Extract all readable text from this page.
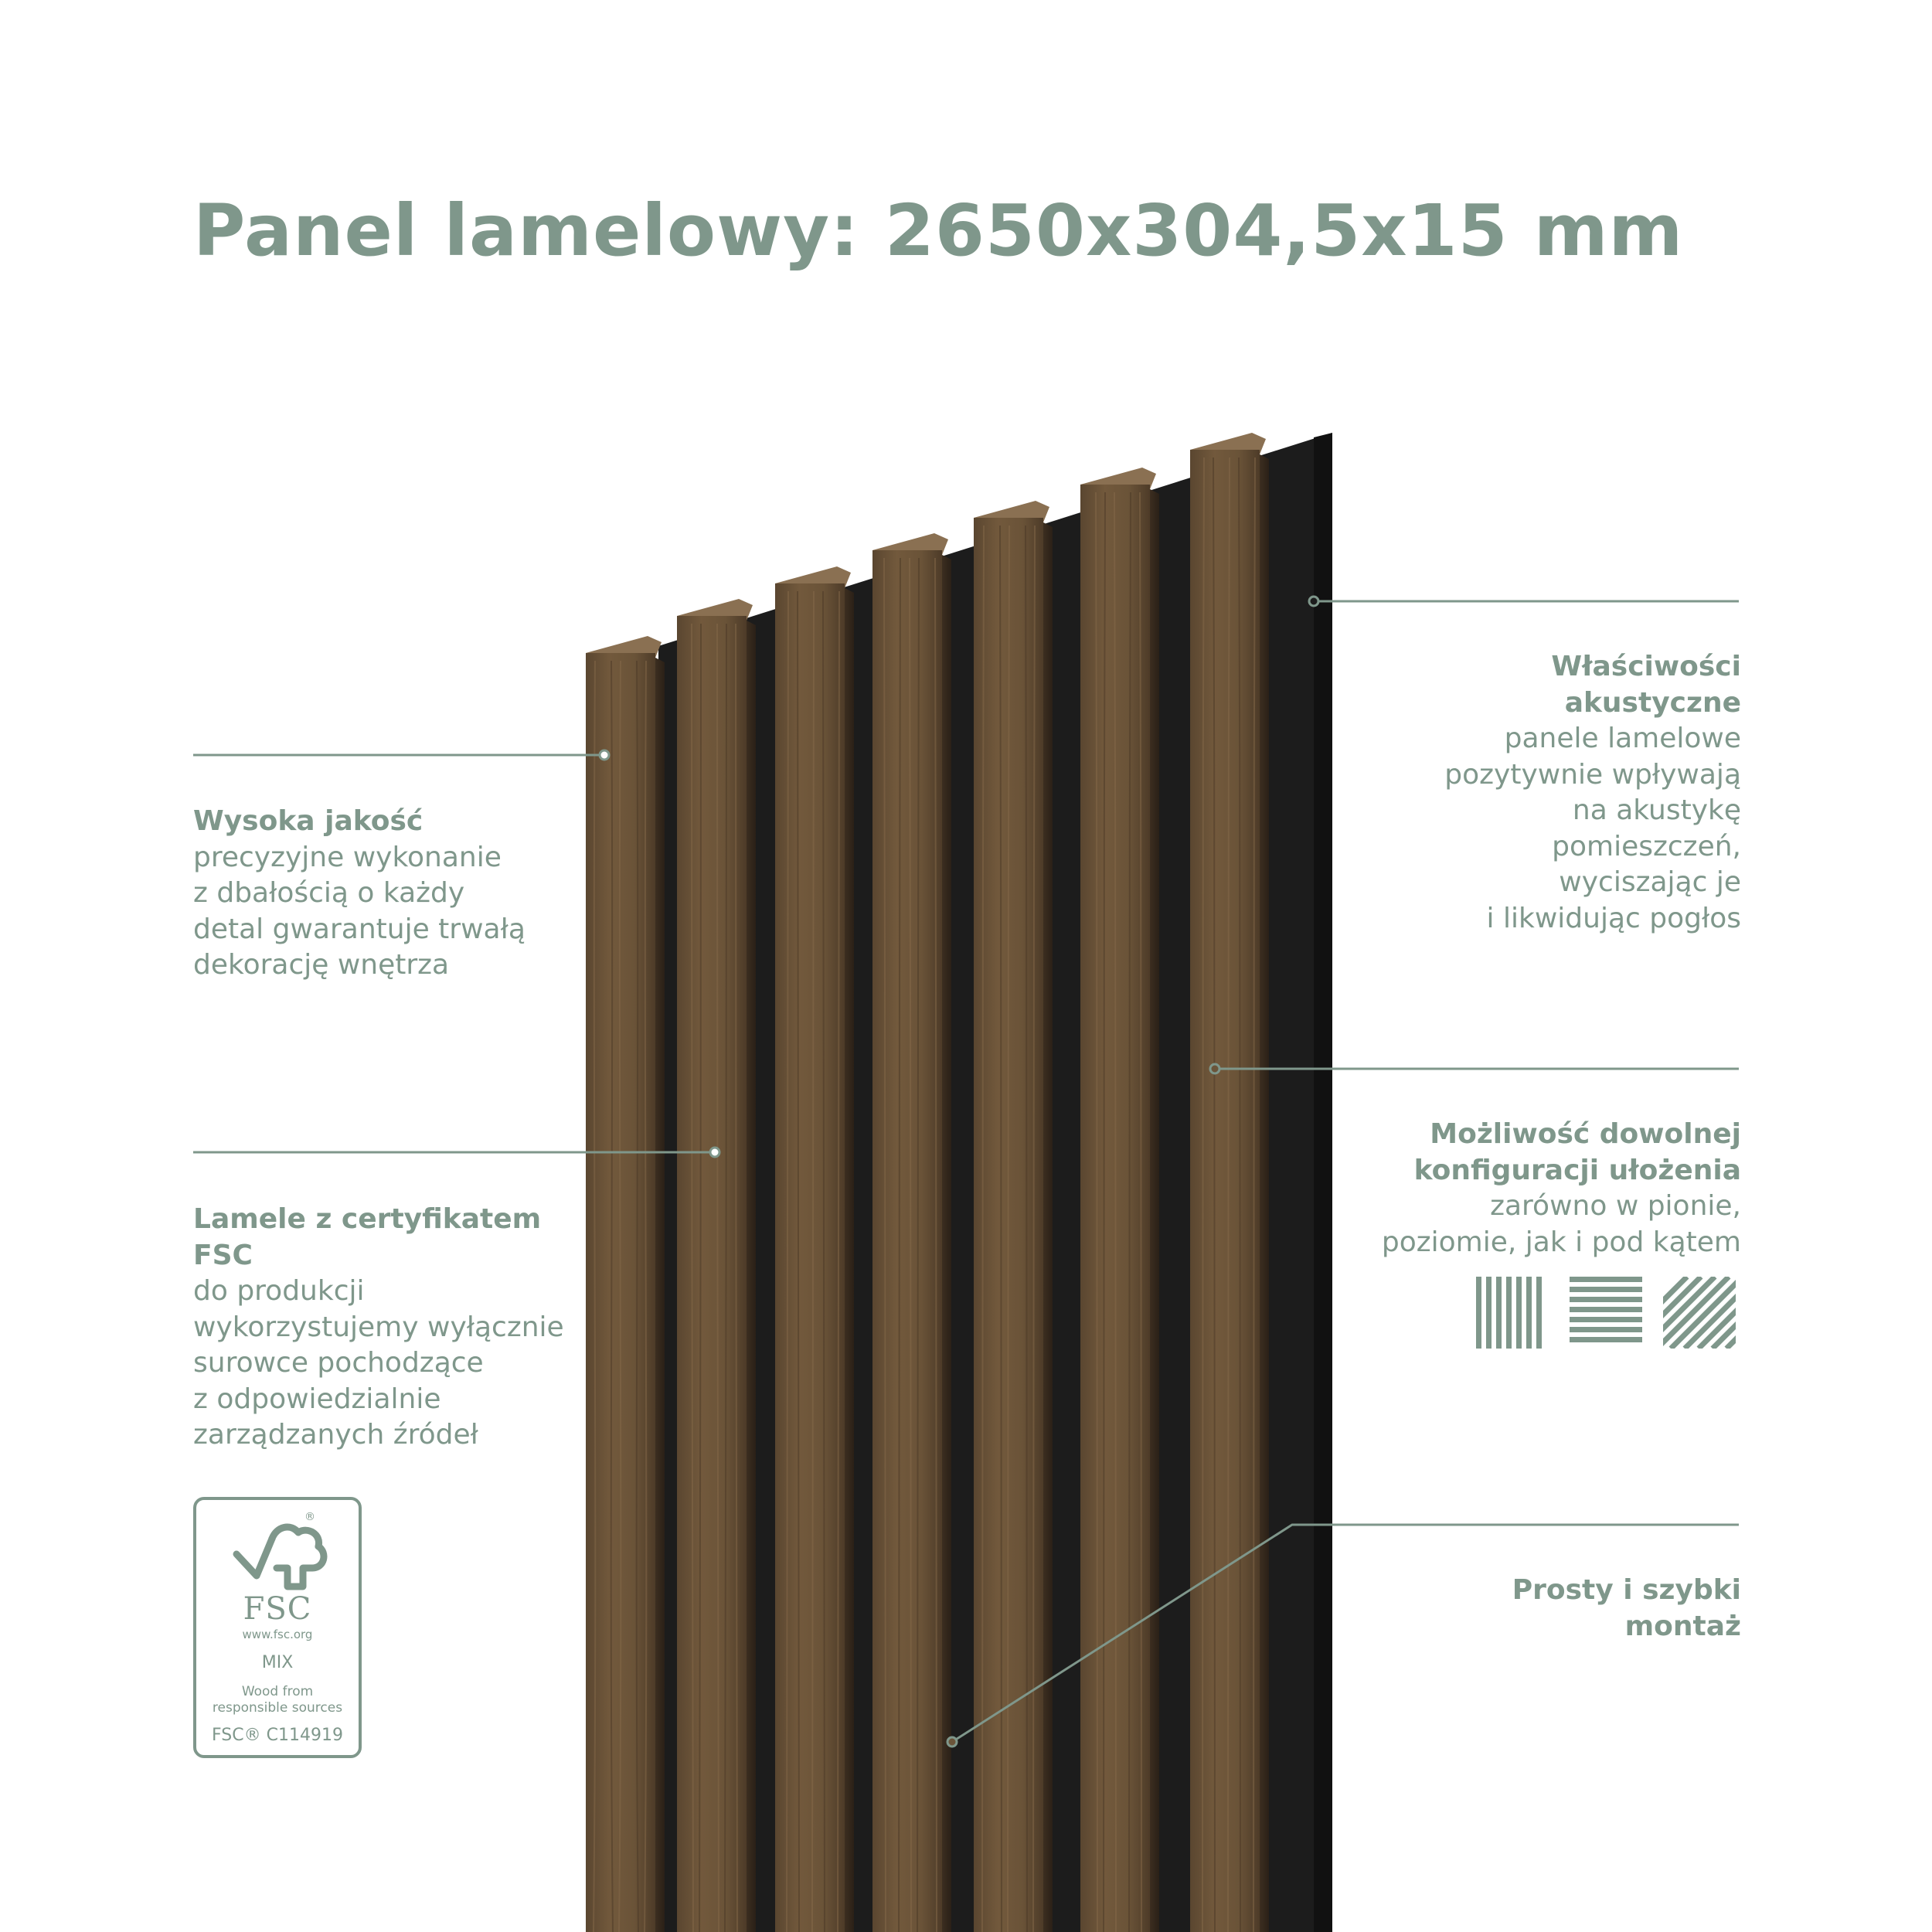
Panel lamelowy: 2650x304,5x15 mm
Wysoka jakość
precyzyjne wykonanie
z dbałością o każdy
detal gwarantuje trwałą
dekorację wnętrza
Lamele z certyfikatem
FSC
do produkcji
wykorzystujemy wyłącznie
surowce pochodzące
z odpowiedzialnie
zarządzanych źródeł
Właściwości
akustyczne
panele lamelowe
pozytywnie wpływają
na akustykę
pomieszczeń,
wyciszając je
i likwidując pogłos
Możliwość dowolnej
konfiguracji ułożenia
zarówno w pionie,
poziomie, jak i pod kątem
Prosty i szybki
montaż
®
FSC
www.fsc.org
MIX
Wood from
responsible sources
FSC® C114919
